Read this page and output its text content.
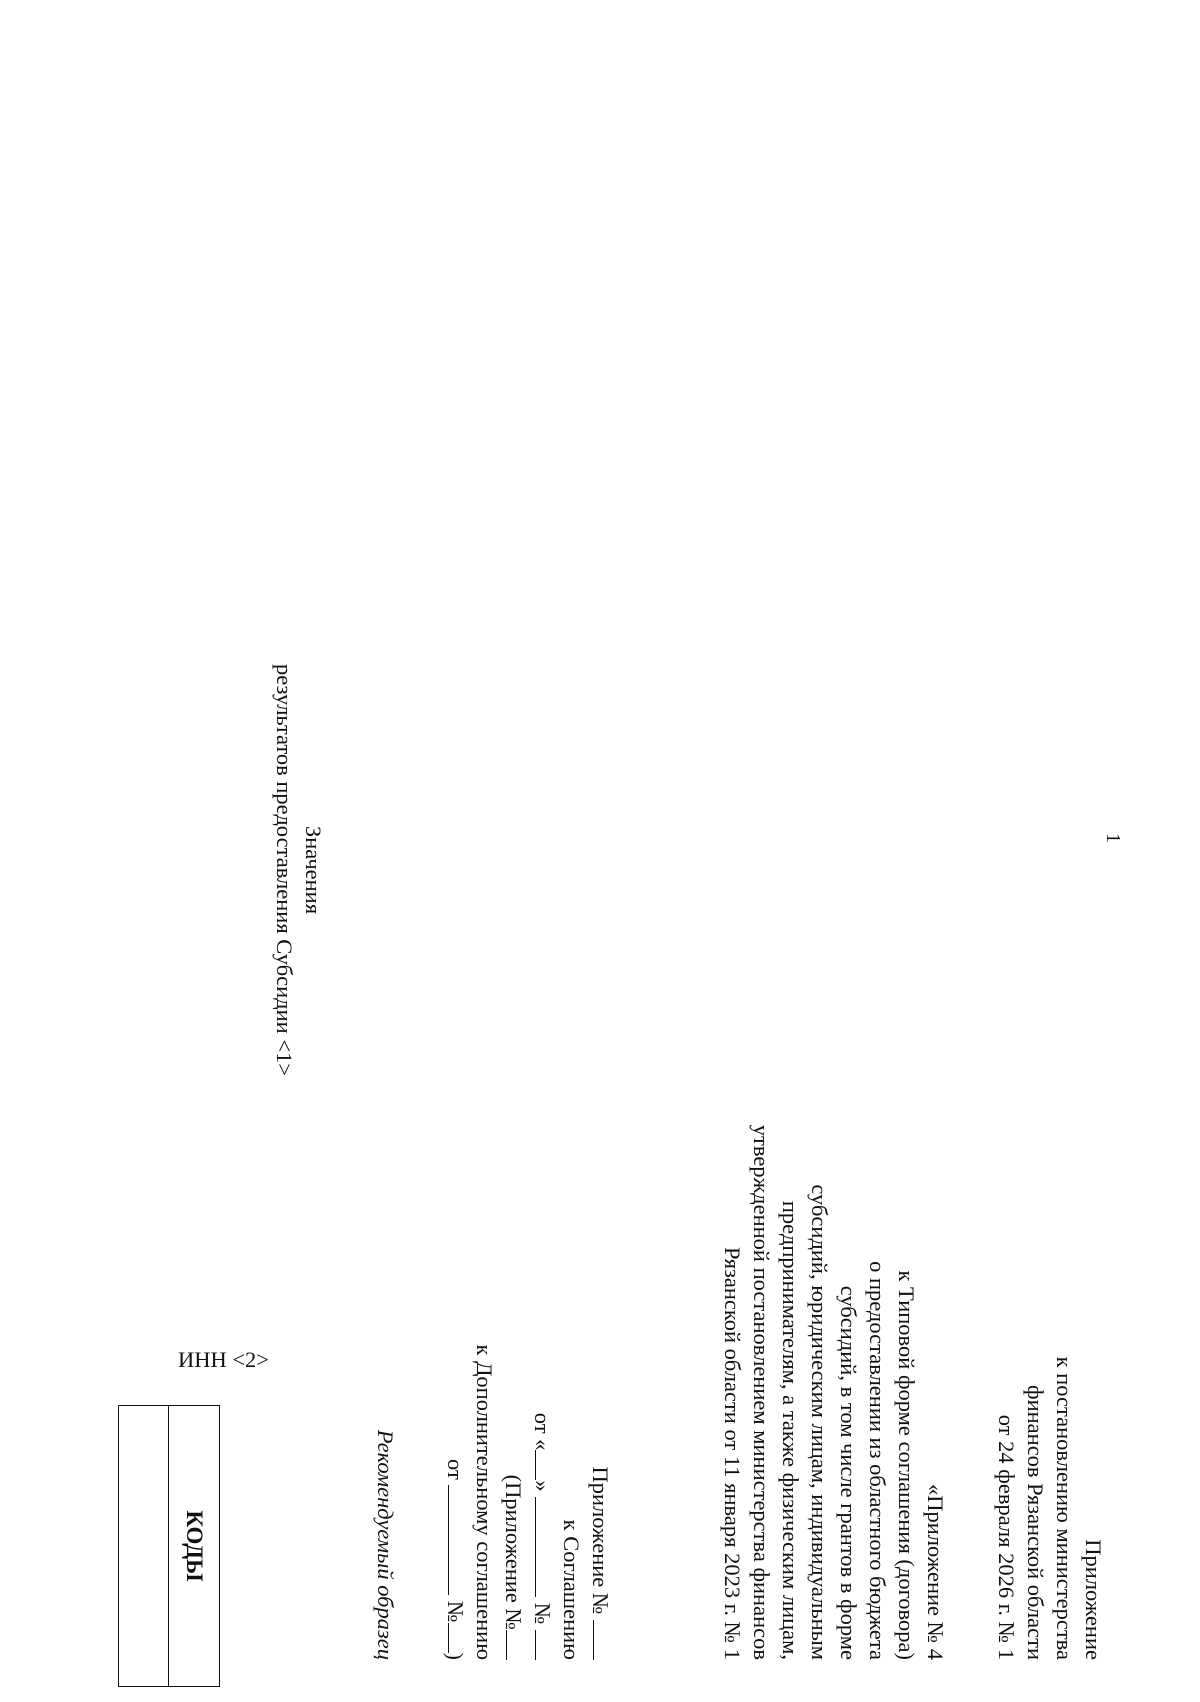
1
Приложение
к постановлению министерства
финансов Рязанской области
от 24 февраля 2026 г. № 1
«Приложение № 4
к Типовой форме соглашения (договора)
о предоставлении из областного бюджета
субсидий, в том числе грантов в форме
субсидий, юридическим лицам, индивидуальным
предпринимателям, а также физическим лицам,
утвержденной постановлением министерства финансов
Рязанской области от 11 января 2023 г. № 1
Приложение №
к Соглашению
от «»  №
(Приложение №
к Дополнительному соглашению
от  №)
Рекомендуемый образец
Значения
результатов предоставления Субсидии <1>
ИНН <2>
КОДЫ
